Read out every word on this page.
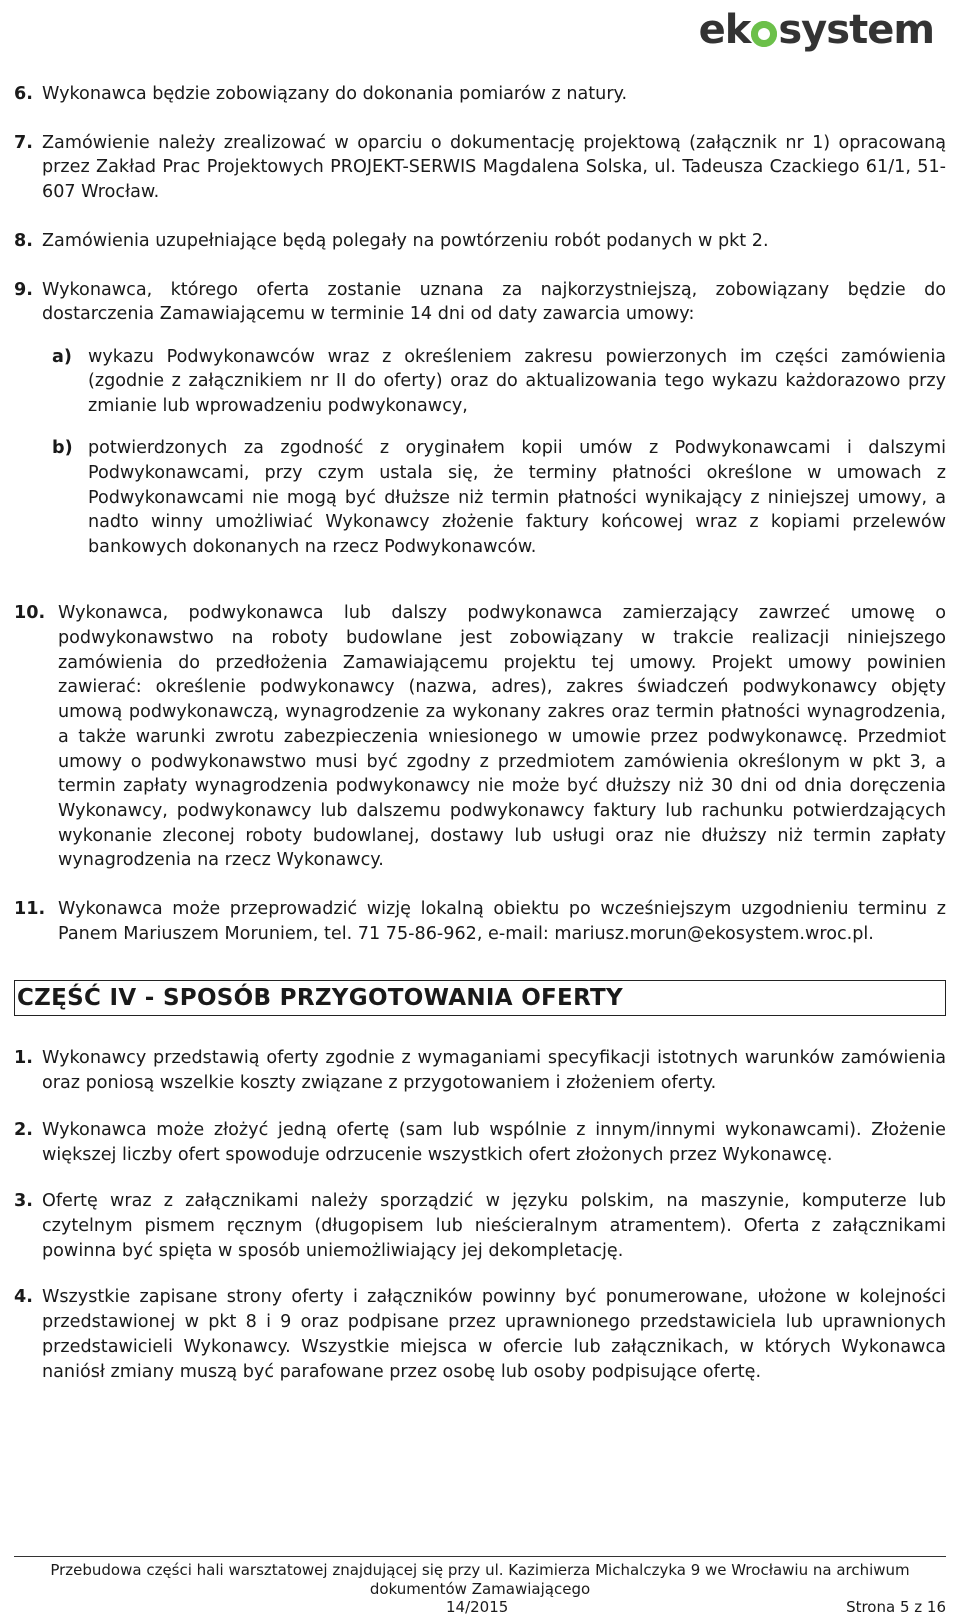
ek system

6. Wykonawca będzie zobowiązany do dokonania pomiarów z natury.

7. Zamówienie należy zrealizować w oparciu o dokumentację projektową (załącznik nr 1) opracowaną przez Zakład Prac Projektowych PROJEKT-SERWIS Magdalena Solska, ul. Tadeusza Czackiego 61/1, 51-607 Wrocław.

8. Zamówienia uzupełniające będą polegały na powtórzeniu robót podanych w pkt 2.

9. Wykonawca, którego oferta zostanie uznana za najkorzystniejszą, zobowiązany będzie do dostarczenia Zamawiającemu w terminie 14 dni od daty zawarcia umowy:

a) wykazu Podwykonawców wraz z określeniem zakresu powierzonych im części zamówienia (zgodnie z załącznikiem nr II do oferty) oraz do aktualizowania tego wykazu każdorazowo przy zmianie lub wprowadzeniu podwykonawcy,

b) potwierdzonych za zgodność z oryginałem kopii umów z Podwykonawcami i dalszymi Podwykonawcami, przy czym ustala się, że terminy płatności określone w umowach z Podwykonawcami nie mogą być dłuższe niż termin płatności wynikający z niniejszej umowy, a nadto winny umożliwiać Wykonawcy złożenie faktury końcowej wraz z kopiami przelewów bankowych dokonanych na rzecz Podwykonawców.

10. Wykonawca, podwykonawca lub dalszy podwykonawca zamierzający zawrzeć umowę o podwykonawstwo na roboty budowlane jest zobowiązany w trakcie realizacji niniejszego zamówienia do przedłożenia Zamawiającemu projektu tej umowy. Projekt umowy powinien zawierać: określenie podwykonawcy (nazwa, adres), zakres świadczeń podwykonawcy objęty umową podwykonawczą, wynagrodzenie za wykonany zakres oraz termin płatności wynagrodzenia, a także warunki zwrotu zabezpieczenia wniesionego w umowie przez podwykonawcę. Przedmiot umowy o podwykonawstwo musi być zgodny z przedmiotem zamówienia określonym w pkt 3, a termin zapłaty wynagrodzenia podwykonawcy nie może być dłuższy niż 30 dni od dnia doręczenia Wykonawcy, podwykonawcy lub dalszemu podwykonawcy faktury lub rachunku potwierdzających wykonanie zleconej roboty budowlanej, dostawy lub usługi oraz nie dłuższy niż termin zapłaty wynagrodzenia na rzecz Wykonawcy.

11. Wykonawca może przeprowadzić wizję lokalną obiektu po wcześniejszym uzgodnieniu terminu z Panem Mariuszem Moruniem, tel. 71 75-86-962, e-mail: mariusz.morun@ekosystem.wroc.pl.

CZĘŚĆ IV - SPOSÓB PRZYGOTOWANIA OFERTY

1. Wykonawcy przedstawią oferty zgodnie z wymaganiami specyfikacji istotnych warunków zamówienia oraz poniosą wszelkie koszty związane z przygotowaniem i złożeniem oferty.

2. Wykonawca może złożyć jedną ofertę (sam lub wspólnie z innym/innymi wykonawcami). Złożenie większej liczby ofert spowoduje odrzucenie wszystkich ofert złożonych przez Wykonawcę.

3. Ofertę wraz z załącznikami należy sporządzić w języku polskim, na maszynie, komputerze lub czytelnym pismem ręcznym (długopisem lub nieścieralnym atramentem). Oferta z załącznikami powinna być spięta w sposób uniemożliwiający jej dekompletację.

4. Wszystkie zapisane strony oferty i załączników powinny być ponumerowane, ułożone w kolejności przedstawionej w pkt 8 i 9 oraz podpisane przez uprawnionego przedstawiciela lub uprawnionych przedstawicieli Wykonawcy. Wszystkie miejsca w ofercie lub załącznikach, w których Wykonawca naniósł zmiany muszą być parafowane przez osobę lub osoby podpisujące ofertę.

Przebudowa części hali warsztatowej znajdującej się przy ul. Kazimierza Michalczyka 9 we Wrocławiu na archiwum
dokumentów Zamawiającego
14/2015	Strona 5 z 16
